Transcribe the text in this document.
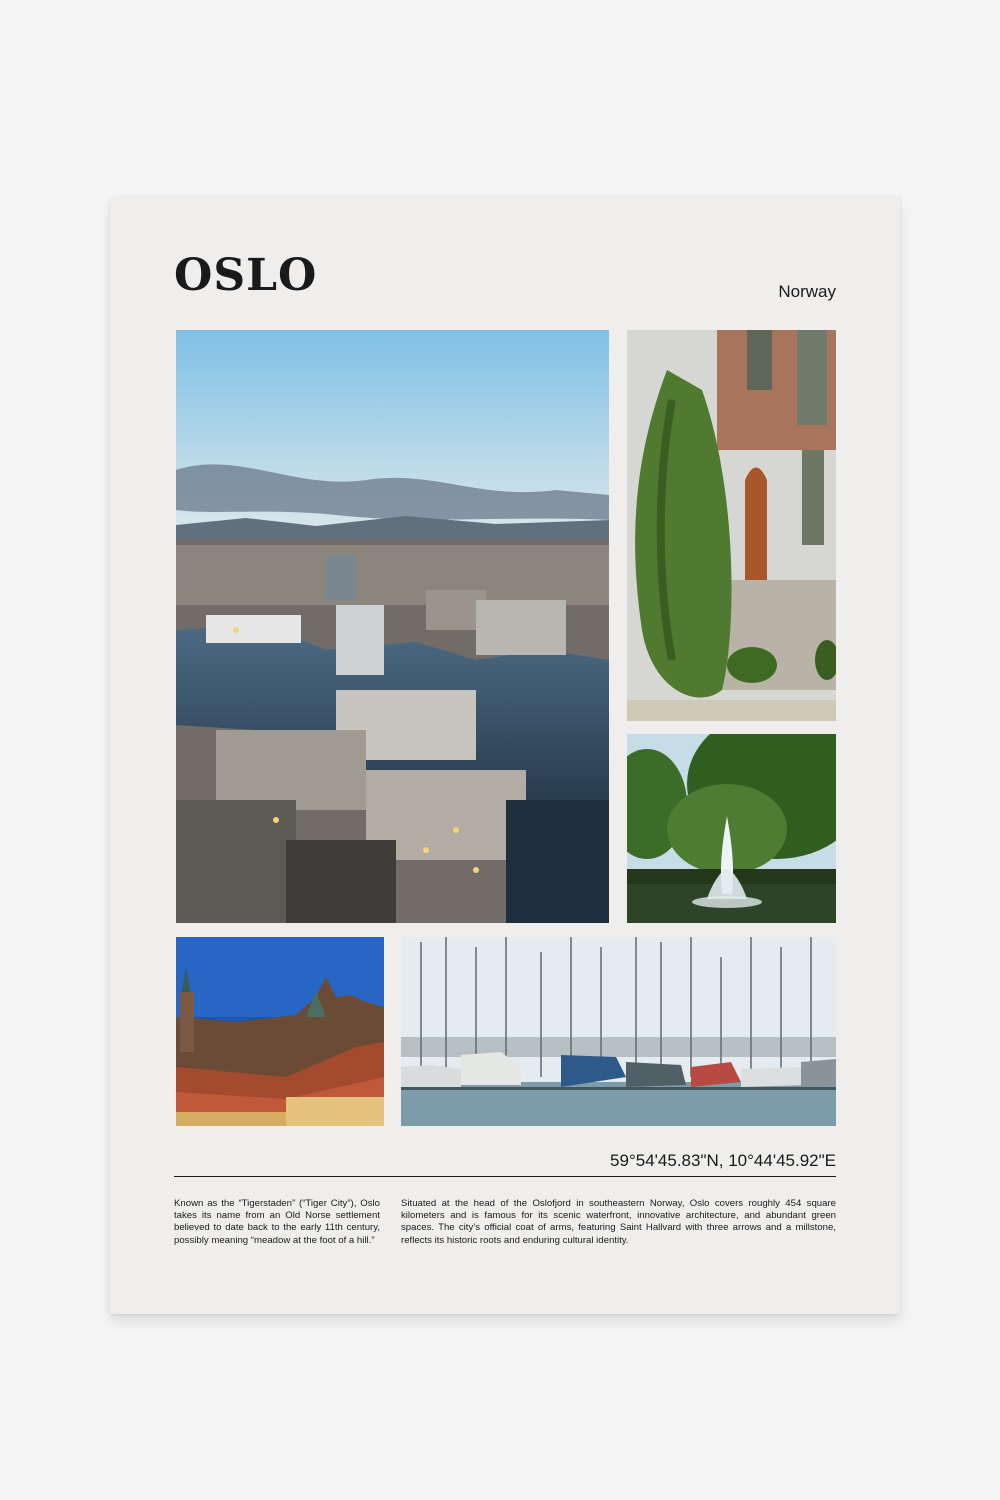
OSLO	Norway
59°54'45.83"N, 10°44'45.92"E

Known as the “Tigerstaden” (“Tiger City”), Oslo takes its name from an Old Norse settlement believed to date back to the early 11th century, possibly meaning “meadow at the foot of a hill.”

Situated at the head of the Oslofjord in southeastern Norway, Oslo covers roughly 454 square kilometers and is famous for its scenic waterfront, innovative architecture, and abundant green spaces. The city’s official coat of arms, featuring Saint Hallvard with three arrows and a millstone, reflects its historic roots and enduring cultural identity.
